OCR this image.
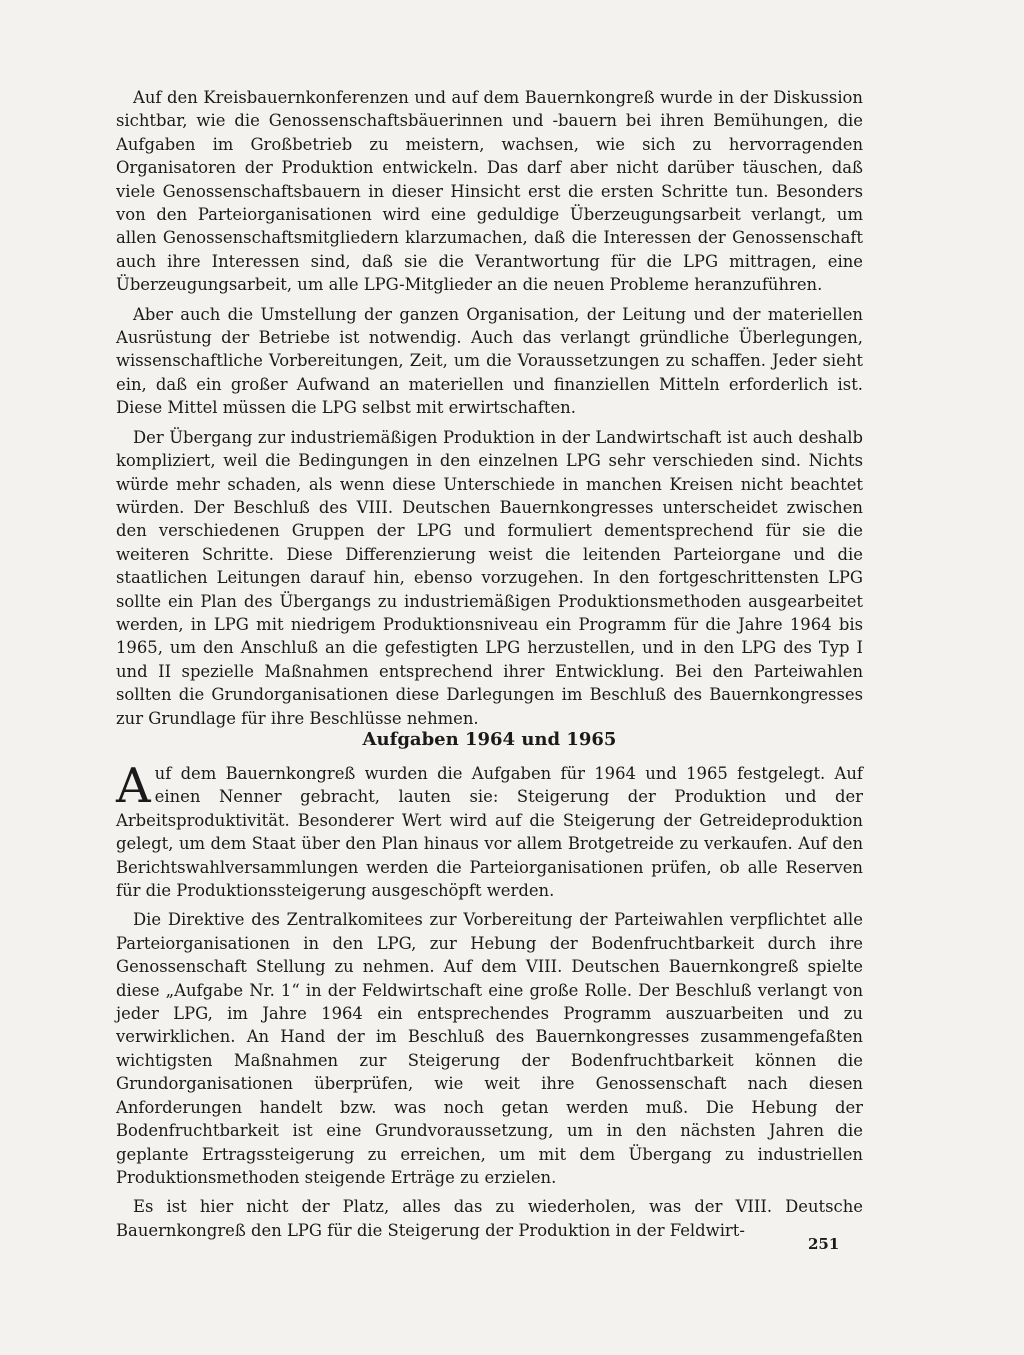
Auf den Kreisbauernkonferenzen und auf dem Bauernkongreß wurde in der Diskussion sichtbar, wie die Genossenschaftsbäuerinnen und -bauern bei ihren Bemühungen, die Aufgaben im Großbetrieb zu meistern, wachsen, wie sich zu hervorragenden Organisatoren der Produktion entwickeln. Das darf aber nicht darüber täuschen, daß viele Genossenschaftsbauern in dieser Hinsicht erst die ersten Schritte tun. Besonders von den Parteiorganisationen wird eine geduldige Überzeugungsarbeit verlangt, um allen Genossenschaftsmitgliedern klarzumachen, daß die Interessen der Genossenschaft auch ihre Interessen sind, daß sie die Verantwortung für die LPG mittragen, eine Überzeugungsarbeit, um alle LPG-Mitglieder an die neuen Probleme heranzuführen.

Aber auch die Umstellung der ganzen Organisation, der Leitung und der materiellen Ausrüstung der Betriebe ist notwendig. Auch das verlangt gründliche Überlegungen, wissenschaftliche Vorbereitungen, Zeit, um die Voraussetzungen zu schaffen. Jeder sieht ein, daß ein großer Aufwand an materiellen und finanziellen Mitteln erforderlich ist. Diese Mittel müssen die LPG selbst mit erwirtschaften.

Der Übergang zur industriemäßigen Produktion in der Landwirtschaft ist auch deshalb kompliziert, weil die Bedingungen in den einzelnen LPG sehr verschieden sind. Nichts würde mehr schaden, als wenn diese Unterschiede in manchen Kreisen nicht beachtet würden. Der Beschluß des VIII. Deutschen Bauernkongresses unterscheidet zwischen den verschiedenen Gruppen der LPG und formuliert dementsprechend für sie die weiteren Schritte. Diese Differenzierung weist die leitenden Parteiorgane und die staatlichen Leitungen darauf hin, ebenso vorzugehen. In den fortgeschrittensten LPG sollte ein Plan des Übergangs zu industriemäßigen Produktionsmethoden ausgearbeitet werden, in LPG mit niedrigem Produktionsniveau ein Programm für die Jahre 1964 bis 1965, um den Anschluß an die gefestigten LPG herzustellen, und in den LPG des Typ I und II spezielle Maßnahmen entsprechend ihrer Entwicklung. Bei den Parteiwahlen sollten die Grundorganisationen diese Darlegungen im Beschluß des Bauernkongresses zur Grundlage für ihre Beschlüsse nehmen.

Aufgaben 1964 und 1965

Auf dem Bauernkongreß wurden die Aufgaben für 1964 und 1965 festgelegt. Auf einen Nenner gebracht, lauten sie: Steigerung der Produktion und der Arbeitsproduktivität. Besonderer Wert wird auf die Steigerung der Getreideproduktion gelegt, um dem Staat über den Plan hinaus vor allem Brotgetreide zu verkaufen. Auf den Berichtswahlversammlungen werden die Parteiorganisationen prüfen, ob alle Reserven für die Produktionssteigerung ausgeschöpft werden.

Die Direktive des Zentralkomitees zur Vorbereitung der Parteiwahlen verpflichtet alle Parteiorganisationen in den LPG, zur Hebung der Bodenfruchtbarkeit durch ihre Genossenschaft Stellung zu nehmen. Auf dem VIII. Deutschen Bauernkongreß spielte diese „Aufgabe Nr. 1“ in der Feldwirtschaft eine große Rolle. Der Beschluß verlangt von jeder LPG, im Jahre 1964 ein entsprechendes Programm auszuarbeiten und zu verwirklichen. An Hand der im Beschluß des Bauernkongresses zusammengefaßten wichtigsten Maßnahmen zur Steigerung der Bodenfruchtbarkeit können die Grundorganisationen überprüfen, wie weit ihre Genossenschaft nach diesen Anforderungen handelt bzw. was noch getan werden muß. Die Hebung der Bodenfruchtbarkeit ist eine Grundvoraussetzung, um in den nächsten Jahren die geplante Ertragssteigerung zu erreichen, um mit dem Übergang zu industriellen Produktionsmethoden steigende Erträge zu erzielen.

Es ist hier nicht der Platz, alles das zu wiederholen, was der VIII. Deutsche Bauernkongreß den LPG für die Steigerung der Produktion in der Feldwirt-

251
